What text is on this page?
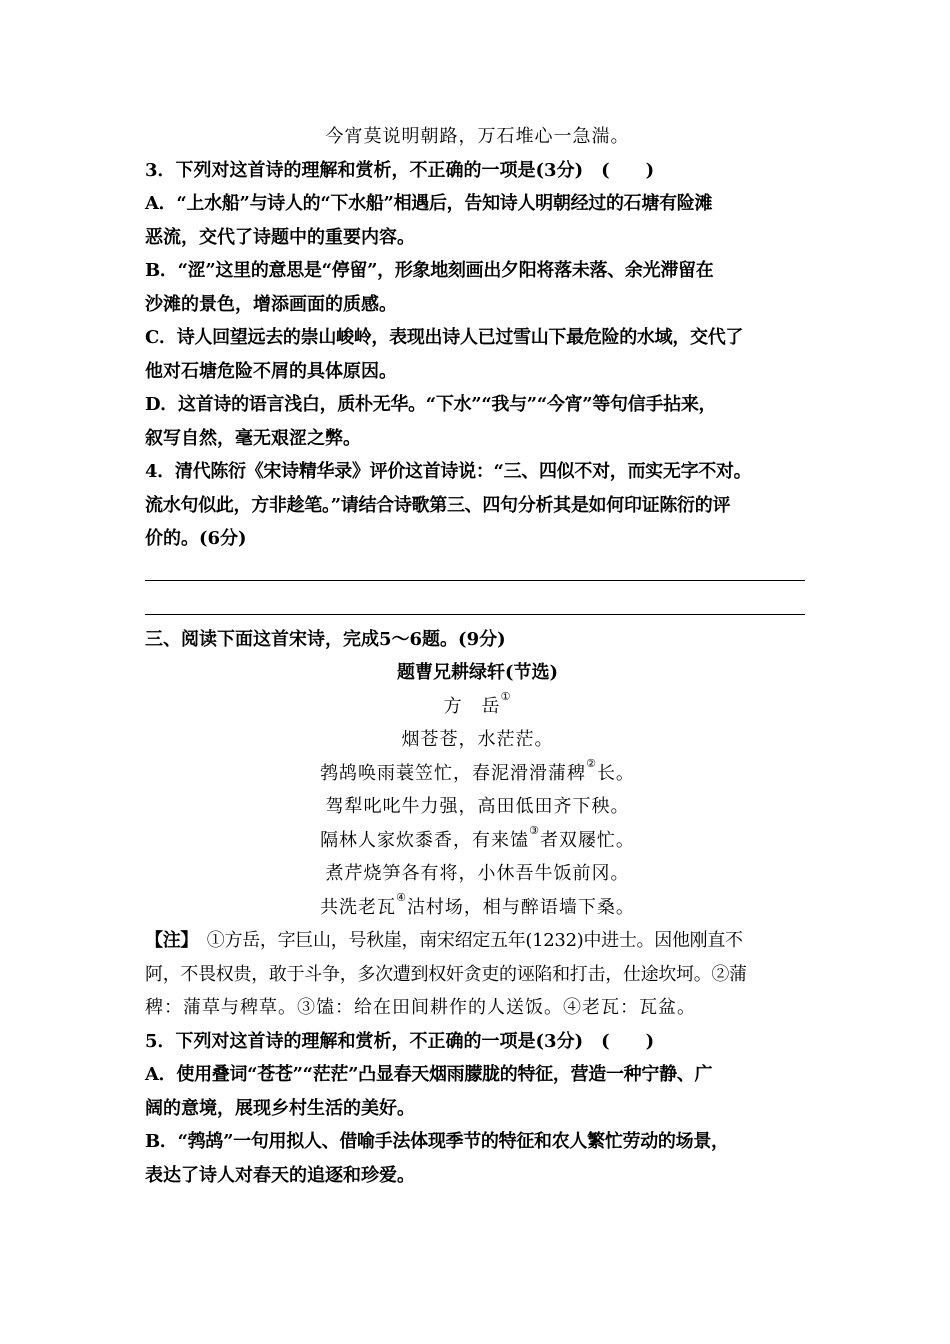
今宵莫说明朝路，万石堆心一急湍。
3．下列对这首诗的理解和赏析，不正确的一项是(3分)　(　　)
A．“上水船”与诗人的“下水船”相遇后，告知诗人明朝经过的石塘有险滩
恶流，交代了诗题中的重要内容。
B．“涩”这里的意思是“停留”，形象地刻画出夕阳将落未落、余光滞留在
沙滩的景色，增添画面的质感。
C．诗人回望远去的崇山峻岭，表现出诗人已过雪山下最危险的水域，交代了
他对石塘危险不屑的具体原因。
D．这首诗的语言浅白，质朴无华。“下水”“我与”“今宵”等句信手拈来，
叙写自然，毫无艰涩之弊。
4．清代陈衍《宋诗精华录》评价这首诗说：“三、四似不对，而实无字不对。
流水句似此，方非趁笔。”请结合诗歌第三、四句分析其是如何印证陈衍的评
价的。(6分)
三、阅读下面这首宋诗，完成5～6题。(9分)
题曹兄耕绿轩(节选)
方　岳①
烟苍苍，水茫茫。
鹁鸪唤雨蓑笠忙，春泥滑滑蒲稗②长。
驾犁叱叱牛力强，高田低田齐下秧。
隔林人家炊黍香，有来馌③者双屦忙。
煮芹烧笋各有将，小休吾牛饭前冈。
共洗老瓦④沽村场，相与醉语墙下桑。
【注】　①方岳，字巨山，号秋崖，南宋绍定五年(1232)中进士。因他刚直不
阿，不畏权贵，敢于斗争，多次遭到权奸贪吏的诬陷和打击，仕途坎坷。②蒲
稗：蒲草与稗草。③馌：给在田间耕作的人送饭。④老瓦：瓦盆。
5．下列对这首诗的理解和赏析，不正确的一项是(3分)　(　　)
A．使用叠词“苍苍”“茫茫”凸显春天烟雨朦胧的特征，营造一种宁静、广
阔的意境，展现乡村生活的美好。
B．“鹁鸪”一句用拟人、借喻手法体现季节的特征和农人繁忙劳动的场景，
表达了诗人对春天的追逐和珍爱。
